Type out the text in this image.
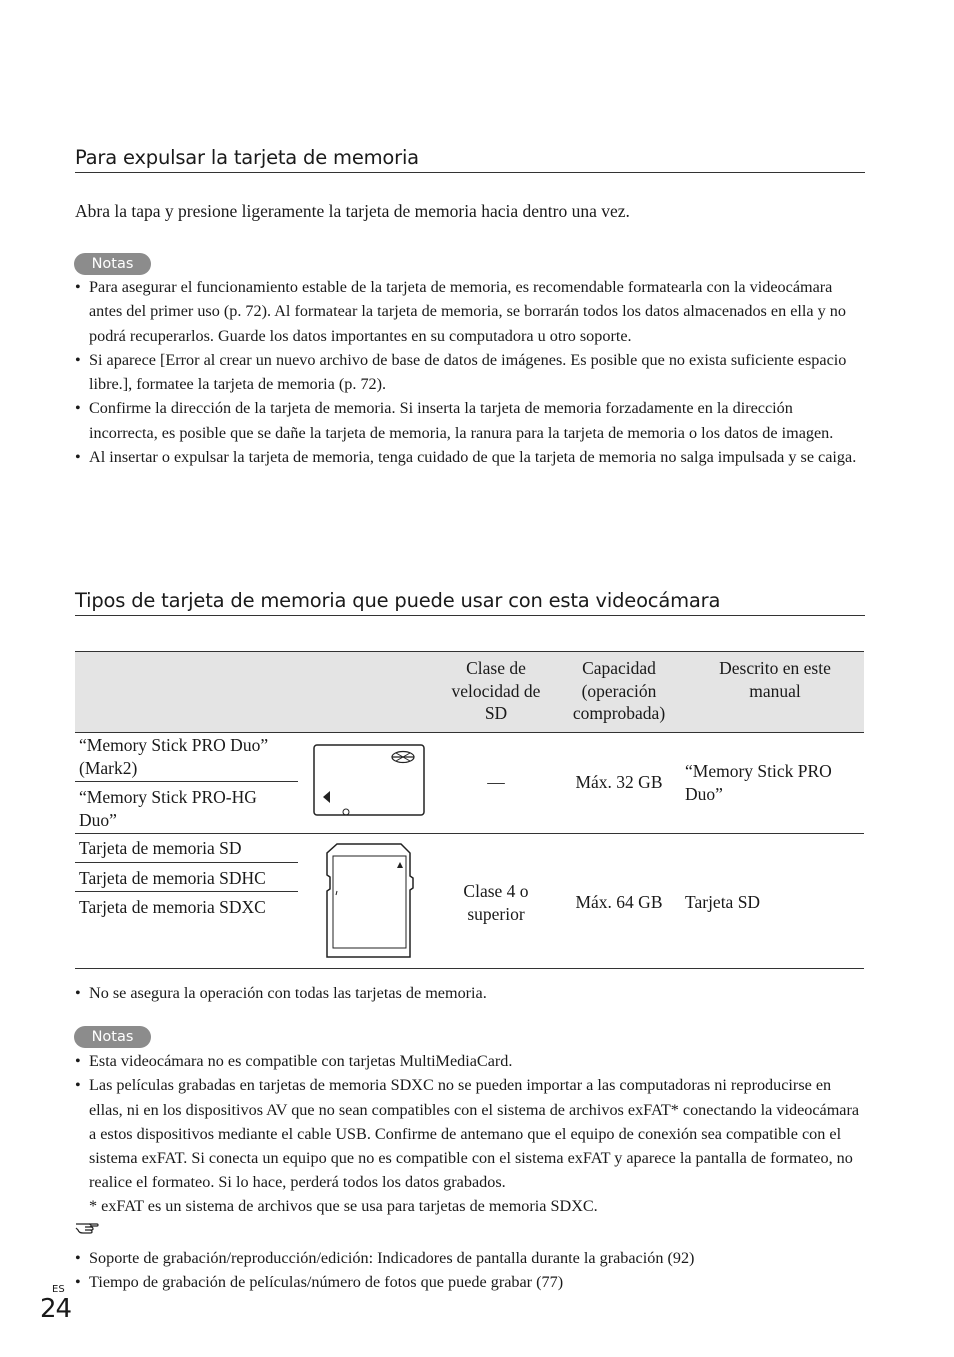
Para expulsar la tarjeta de memoria
Abra la tapa y presione ligeramente la tarjeta de memoria hacia dentro una vez.
Notas
• Para asegurar el funcionamiento estable de la tarjeta de memoria, es recomendable formatearla con la videocámara antes del primer uso (p. 72). Al formatear la tarjeta de memoria, se borrarán todos los datos almacenados en ella y no podrá recuperarlos. Guarde los datos importantes en su computadora u otro soporte.
• Si aparece [Error al crear un nuevo archivo de base de datos de imágenes. Es posible que no exista suficiente espacio libre.], formatee la tarjeta de memoria (p. 72).
• Confirme la dirección de la tarjeta de memoria. Si inserta la tarjeta de memoria forzadamente en la dirección incorrecta, es posible que se dañe la tarjeta de memoria, la ranura para la tarjeta de memoria o los datos de imagen.
• Al insertar o expulsar la tarjeta de memoria, tenga cuidado de que la tarjeta de memoria no salga impulsada y se caiga.
Tipos de tarjeta de memoria que puede usar con esta videocámara
Clase de velocidad de SD
Capacidad (operación comprobada)
Descrito en este manual
“Memory Stick PRO Duo” (Mark2)
“Memory Stick PRO-HG Duo”
—	Máx. 32 GB
“Memory Stick PRO Duo”
Tarjeta de memoria SD
Tarjeta de memoria SDHC
Tarjeta de memoria SDXC
Clase 4 o superior
Máx. 64 GB	Tarjeta SD
• No se asegura la operación con todas las tarjetas de memoria.
Notas
• Esta videocámara no es compatible con tarjetas MultiMediaCard.
• Las películas grabadas en tarjetas de memoria SDXC no se pueden importar a las computadoras ni reproducirse en ellas, ni en los dispositivos AV que no sean compatibles con el sistema de archivos exFAT* conectando la videocámara a estos dispositivos mediante el cable USB. Confirme de antemano que el equipo de conexión sea compatible con el sistema exFAT. Si conecta un equipo que no es compatible con el sistema exFAT y aparece la pantalla de formateo, no realice el formateo. Si lo hace, perderá todos los datos grabados.
* exFAT es un sistema de archivos que se usa para tarjetas de memoria SDXC.
• Soporte de grabación/reproducción/edición: Indicadores de pantalla durante la grabación (92)
• Tiempo de grabación de películas/número de fotos que puede grabar (77)
ES
24
